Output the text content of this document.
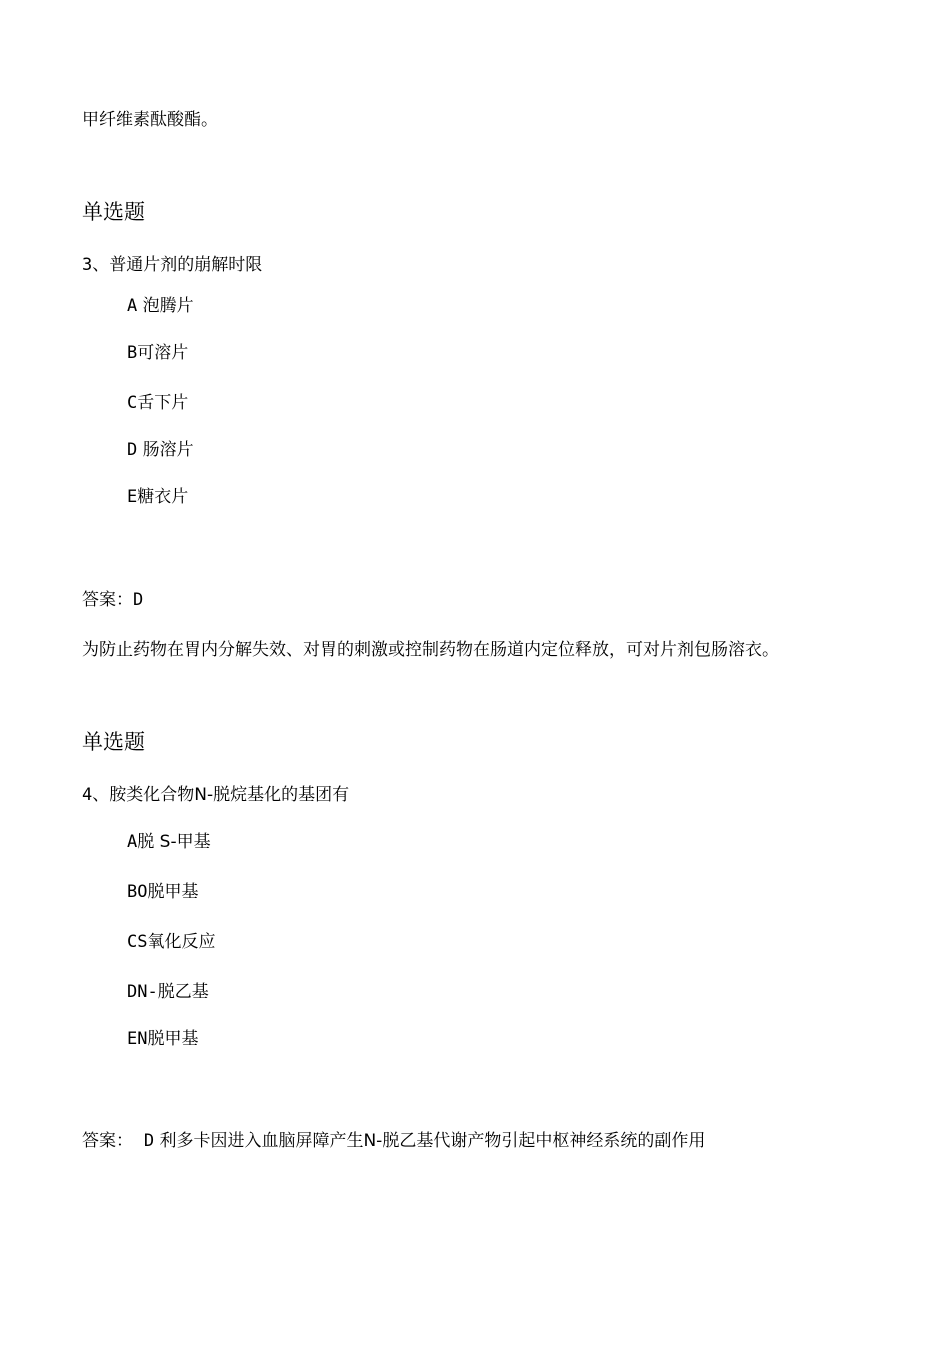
甲纤维素酞酸酯。
单选题
3、普通片剂的崩解时限
A 泡腾片
B可溶片
C舌下片
D 肠溶片
E糖衣片
答案：D
为防止药物在胃内分解失效、对胃的刺激或控制药物在肠道内定位释放，可对片剂包肠溶衣。
单选题
4、胺类化合物N-脱烷基化的基团有
A脱 S-甲基
BO脱甲基
CS氧化反应
DN-脱乙基
EN脱甲基
答案： D 利多卡因进入血脑屏障产生N-脱乙基代谢产物引起中枢神经系统的副作用
